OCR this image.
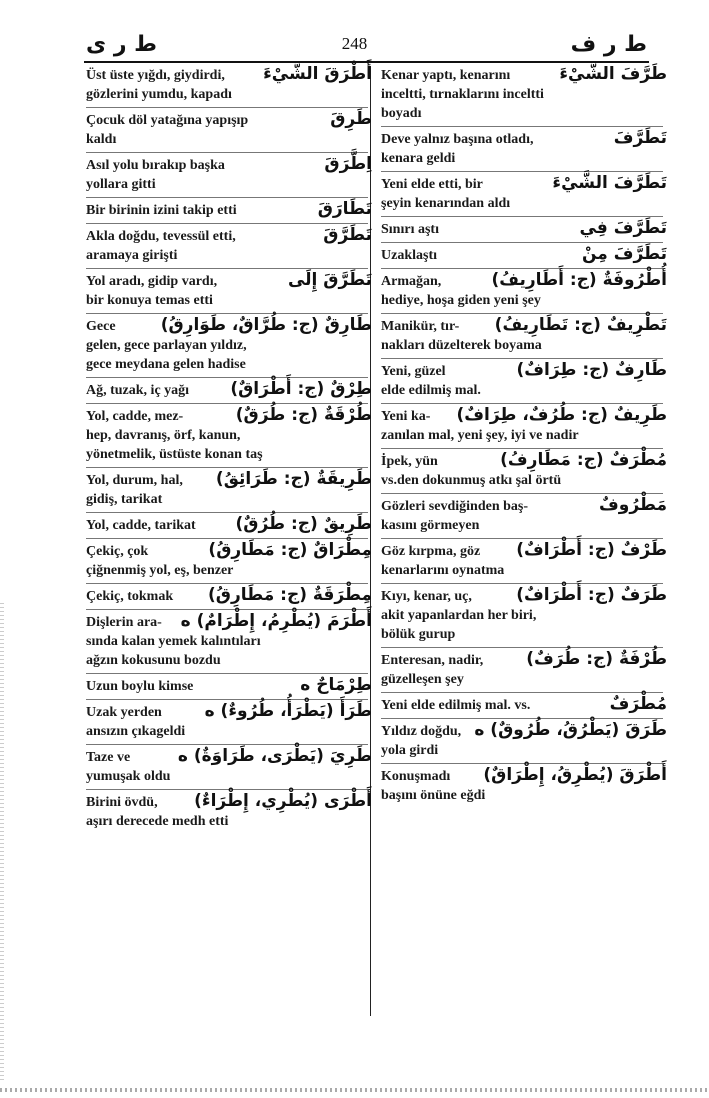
ط ر ى	248	ط ر ف
أَطْرَقَ الشَّيْءَ
Üst üste yığdı, giydirdi,
gözlerini yumdu, kapadı
طَرِقَ
Çocuk döl yatağına yapışıp
kaldı
اِطَّرَقَ
Asıl yolu bırakıp başka
yollara gitti
تَطَارَقَ
Bir birinin izini takip etti
تَطَرَّقَ
Akla doğdu, tevessül etti,
aramaya girişti
تَطَرَّقَ إِلَى
Yol aradı, gidip vardı,
bir konuya temas etti
طَارِقٌ (ج: طُرَّاقٌ، طَوَارِقُ)
Gece
gelen, gece parlayan yıldız,
gece meydana gelen hadise
طِرْقٌ (ج: أَطْرَاقٌ)
Ağ, tuzak, iç yağı
طُرْقَةٌ (ج: طُرَقٌ)
Yol, cadde, mez-
hep, davranış, örf, kanun,
yönetmelik, üstüste konan taş
طَرِيقَةٌ (ج: طَرَائِقُ)
Yol, durum, hal,
gidiş, tarikat
طَرِيقٌ (ج: طُرُقٌ)
Yol, cadde, tarikat
مِطْرَاقٌ (ج: مَطَارِقُ)
Çekiç, çok
çiğnenmiş yol, eş, benzer
مِطْرَقَةٌ (ج: مَطَارِقُ)
Çekiç, tokmak
أَطْرَمَ (يُطْرِمُ، إِطْرَامٌ) ه
Dişlerin ara-
sında kalan yemek kalıntıları
ağzın kokusunu bozdu
طِرْمَاحٌ ه
Uzun boylu kimse
طَرَأَ (يَطْرَأُ، طُرُوءٌ) ه
Uzak yerden
ansızın çıkageldi
طَرِيَ (يَطْرَى، طَرَاوَةٌ) ه
Taze ve
yumuşak oldu
أَطْرَى (يُطْرِي، إِطْرَاءٌ)
Birini övdü,
aşırı derecede medh etti
طَرَّفَ الشَّيْءَ
Kenar yaptı, kenarını
inceltti, tırnaklarını inceltti
boyadı
تَطَرَّفَ
Deve yalnız başına otladı,
kenara geldi
تَطَرَّفَ الشَّيْءَ
Yeni elde etti, bir
şeyin kenarından aldı
تَطَرَّفَ فِي
Sınırı aştı
تَطَرَّفَ مِنْ
Uzaklaştı
أُطْرُوفَةٌ (ج: أَطَارِيفُ)
Armağan,
hediye, hoşa giden yeni şey
تَطْرِيفٌ (ج: تَطَارِيفُ)
Manikür, tır-
nakları düzelterek boyama
طَارِفٌ (ج: طِرَافٌ)
Yeni, güzel
elde edilmiş mal.
طَرِيفٌ (ج: طُرُفٌ، طِرَافٌ)
Yeni ka-
zanılan mal, yeni şey, iyi ve nadir
مُطْرَفٌ (ج: مَطَارِفُ)
İpek, yün
vs.den dokunmuş atkı şal örtü
مَطْرُوفٌ
Gözleri sevdiğinden baş-
kasını görmeyen
طَرْفٌ (ج: أَطْرَافٌ)
Göz kırpma, göz
kenarlarını oynatma
طَرَفٌ (ج: أَطْرَافٌ)
Kıyı, kenar, uç,
akit yapanlardan her biri,
bölük gurup
طُرْفَةٌ (ج: طُرَفٌ)
Enteresan, nadir,
güzelleşen şey
مُطْرَفٌ
Yeni elde edilmiş mal. vs.
طَرَقَ (يَطْرُقُ، طُرُوقٌ) ه
Yıldız doğdu,
yola girdi
أَطْرَقَ (يُطْرِقُ، إِطْرَاقٌ)
Konuşmadı
başını önüne eğdi
